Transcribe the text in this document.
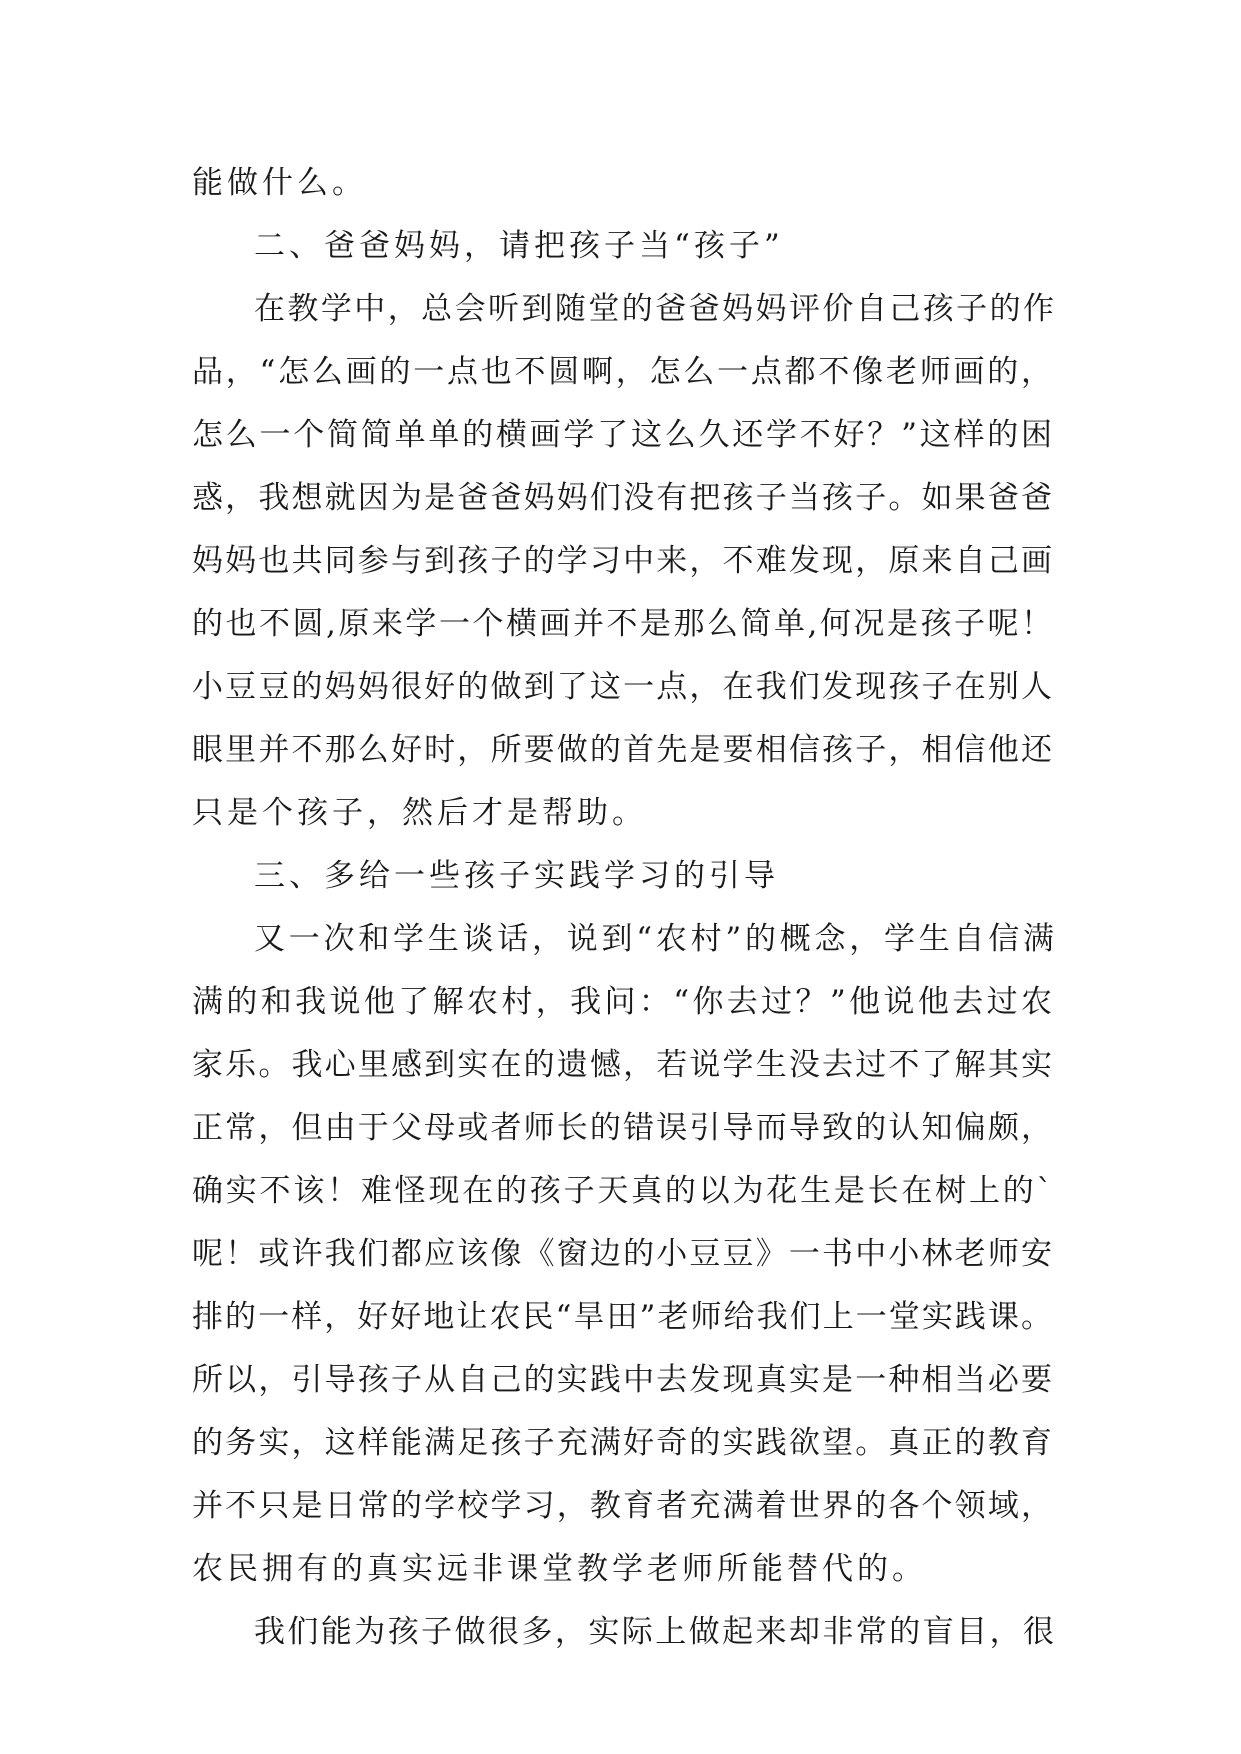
能做什么。
二、爸爸妈妈，请把孩子当“孩子”
在教学中，总会听到随堂的爸爸妈妈评价自己孩子的作
品，“怎么画的一点也不圆啊，怎么一点都不像老师画的，
怎么一个简简单单的横画学了这么久还学不好？”这样的困
惑，我想就因为是爸爸妈妈们没有把孩子当孩子。如果爸爸
妈妈也共同参与到孩子的学习中来，不难发现，原来自己画
的也不圆,原来学一个横画并不是那么简单,何况是孩子呢！
小豆豆的妈妈很好的做到了这一点，在我们发现孩子在别人
眼里并不那么好时，所要做的首先是要相信孩子，相信他还
只是个孩子，然后才是帮助。
三、多给一些孩子实践学习的引导
又一次和学生谈话，说到“农村”的概念，学生自信满
满的和我说他了解农村，我问：“你去过？”他说他去过农
家乐。我心里感到实在的遗憾，若说学生没去过不了解其实
正常，但由于父母或者师长的错误引导而导致的认知偏颇，
确实不该！难怪现在的孩子天真的以为花生是长在树上的`
呢！或许我们都应该像《窗边的小豆豆》一书中小林老师安
排的一样，好好地让农民“旱田”老师给我们上一堂实践课。
所以，引导孩子从自己的实践中去发现真实是一种相当必要
的务实，这样能满足孩子充满好奇的实践欲望。真正的教育
并不只是日常的学校学习，教育者充满着世界的各个领域，
农民拥有的真实远非课堂教学老师所能替代的。
我们能为孩子做很多，实际上做起来却非常的盲目，很
